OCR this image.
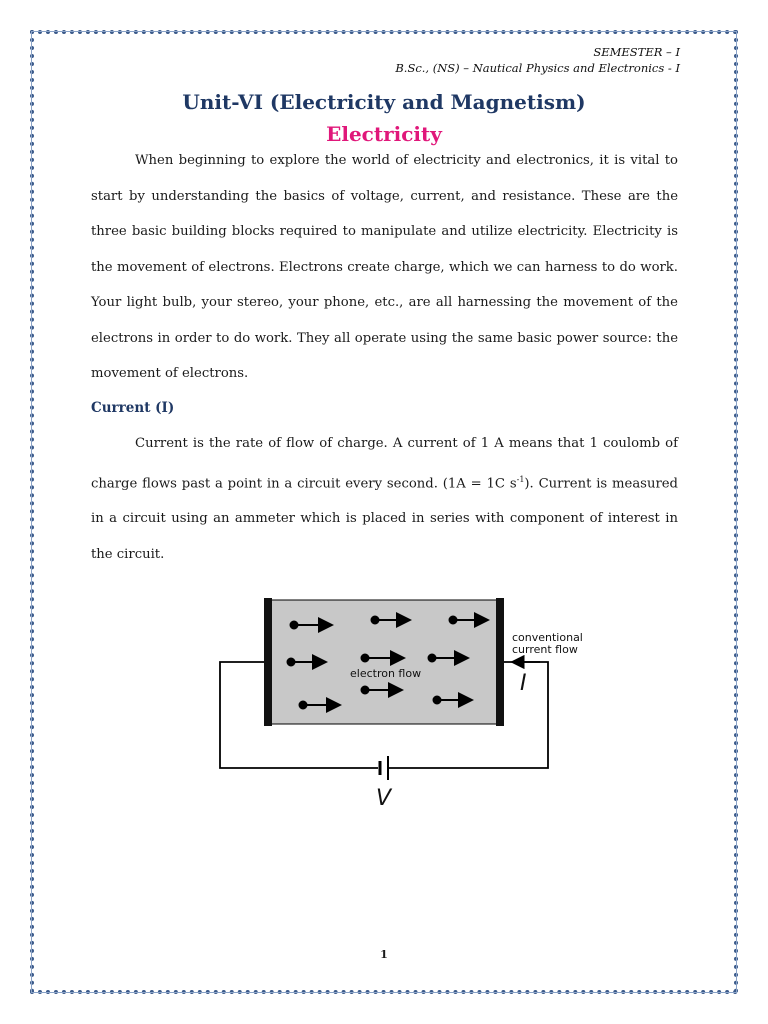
SEMESTER – I
B.Sc., (NS) – Nautical Physics and Electronics - I
Unit-VI (Electricity and Magnetism)
Electricity
When beginning to explore the world of electricity and electronics, it is vital to start by understanding the basics of voltage, current, and resistance. These are the three basic building blocks required to manipulate and utilize electricity. Electricity is the movement of electrons. Electrons create charge, which we can harness to do work. Your light bulb, your stereo, your phone, etc., are all harnessing the movement of the electrons in order to do work. They all operate using the same basic power source: the movement of electrons.
Current (I)
Current is the rate of flow of charge. A current of 1 A means that 1 coulomb of charge flows past a point in a circuit every second. (1A = 1C $s^{-1}$). Current is measured in a circuit using an ammeter which is placed in series with component of interest in the circuit.
electron flow
conventional
current flow
I
V
1
